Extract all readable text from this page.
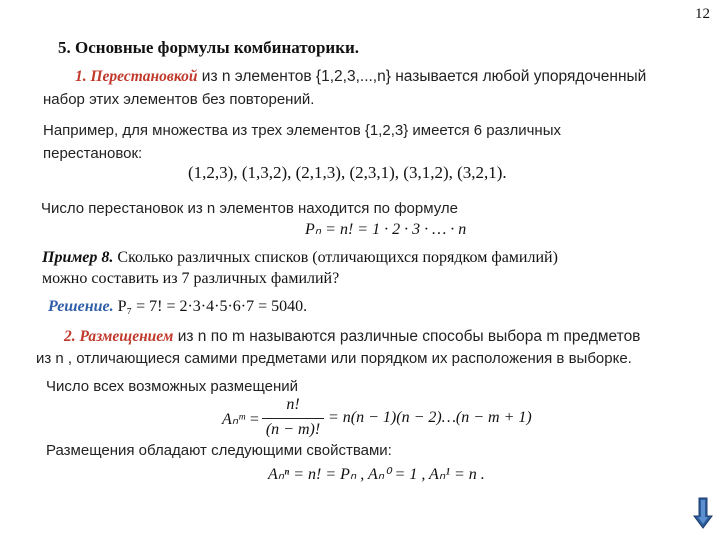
12
5. Основные формулы комбинаторики.
1. Перестановкой из n элементов {1,2,3,...,n} называется любой упорядоченный
набор этих элементов без повторений.
Например, для множества из трех элементов {1,2,3} имеется 6 различных
перестановок:
(1,2,3), (1,3,2), (2,1,3), (2,3,1), (3,1,2), (3,2,1).
Число перестановок из n элементов находится по формуле
Pₙ = n! = 1 · 2 · 3 · … · n
Пример 8. Сколько различных списков (отличающихся порядком фамилий)
можно составить из 7 различных фамилий?
Решение. P₇ = 7! = 2·3·4·5·6·7 = 5040.
2. Размещением из n по m называются различные способы выбора m предметов
из n , отличающиеся самими предметами или порядком их расположения в выборке.
Число всех возможных размещений
Aₙᵐ =
n!
(n − m)!
= n(n − 1)(n − 2)…(n − m + 1)
Размещения обладают следующими свойствами:
Aₙⁿ = n! = Pₙ , Aₙ⁰ = 1 , Aₙ¹ = n .
